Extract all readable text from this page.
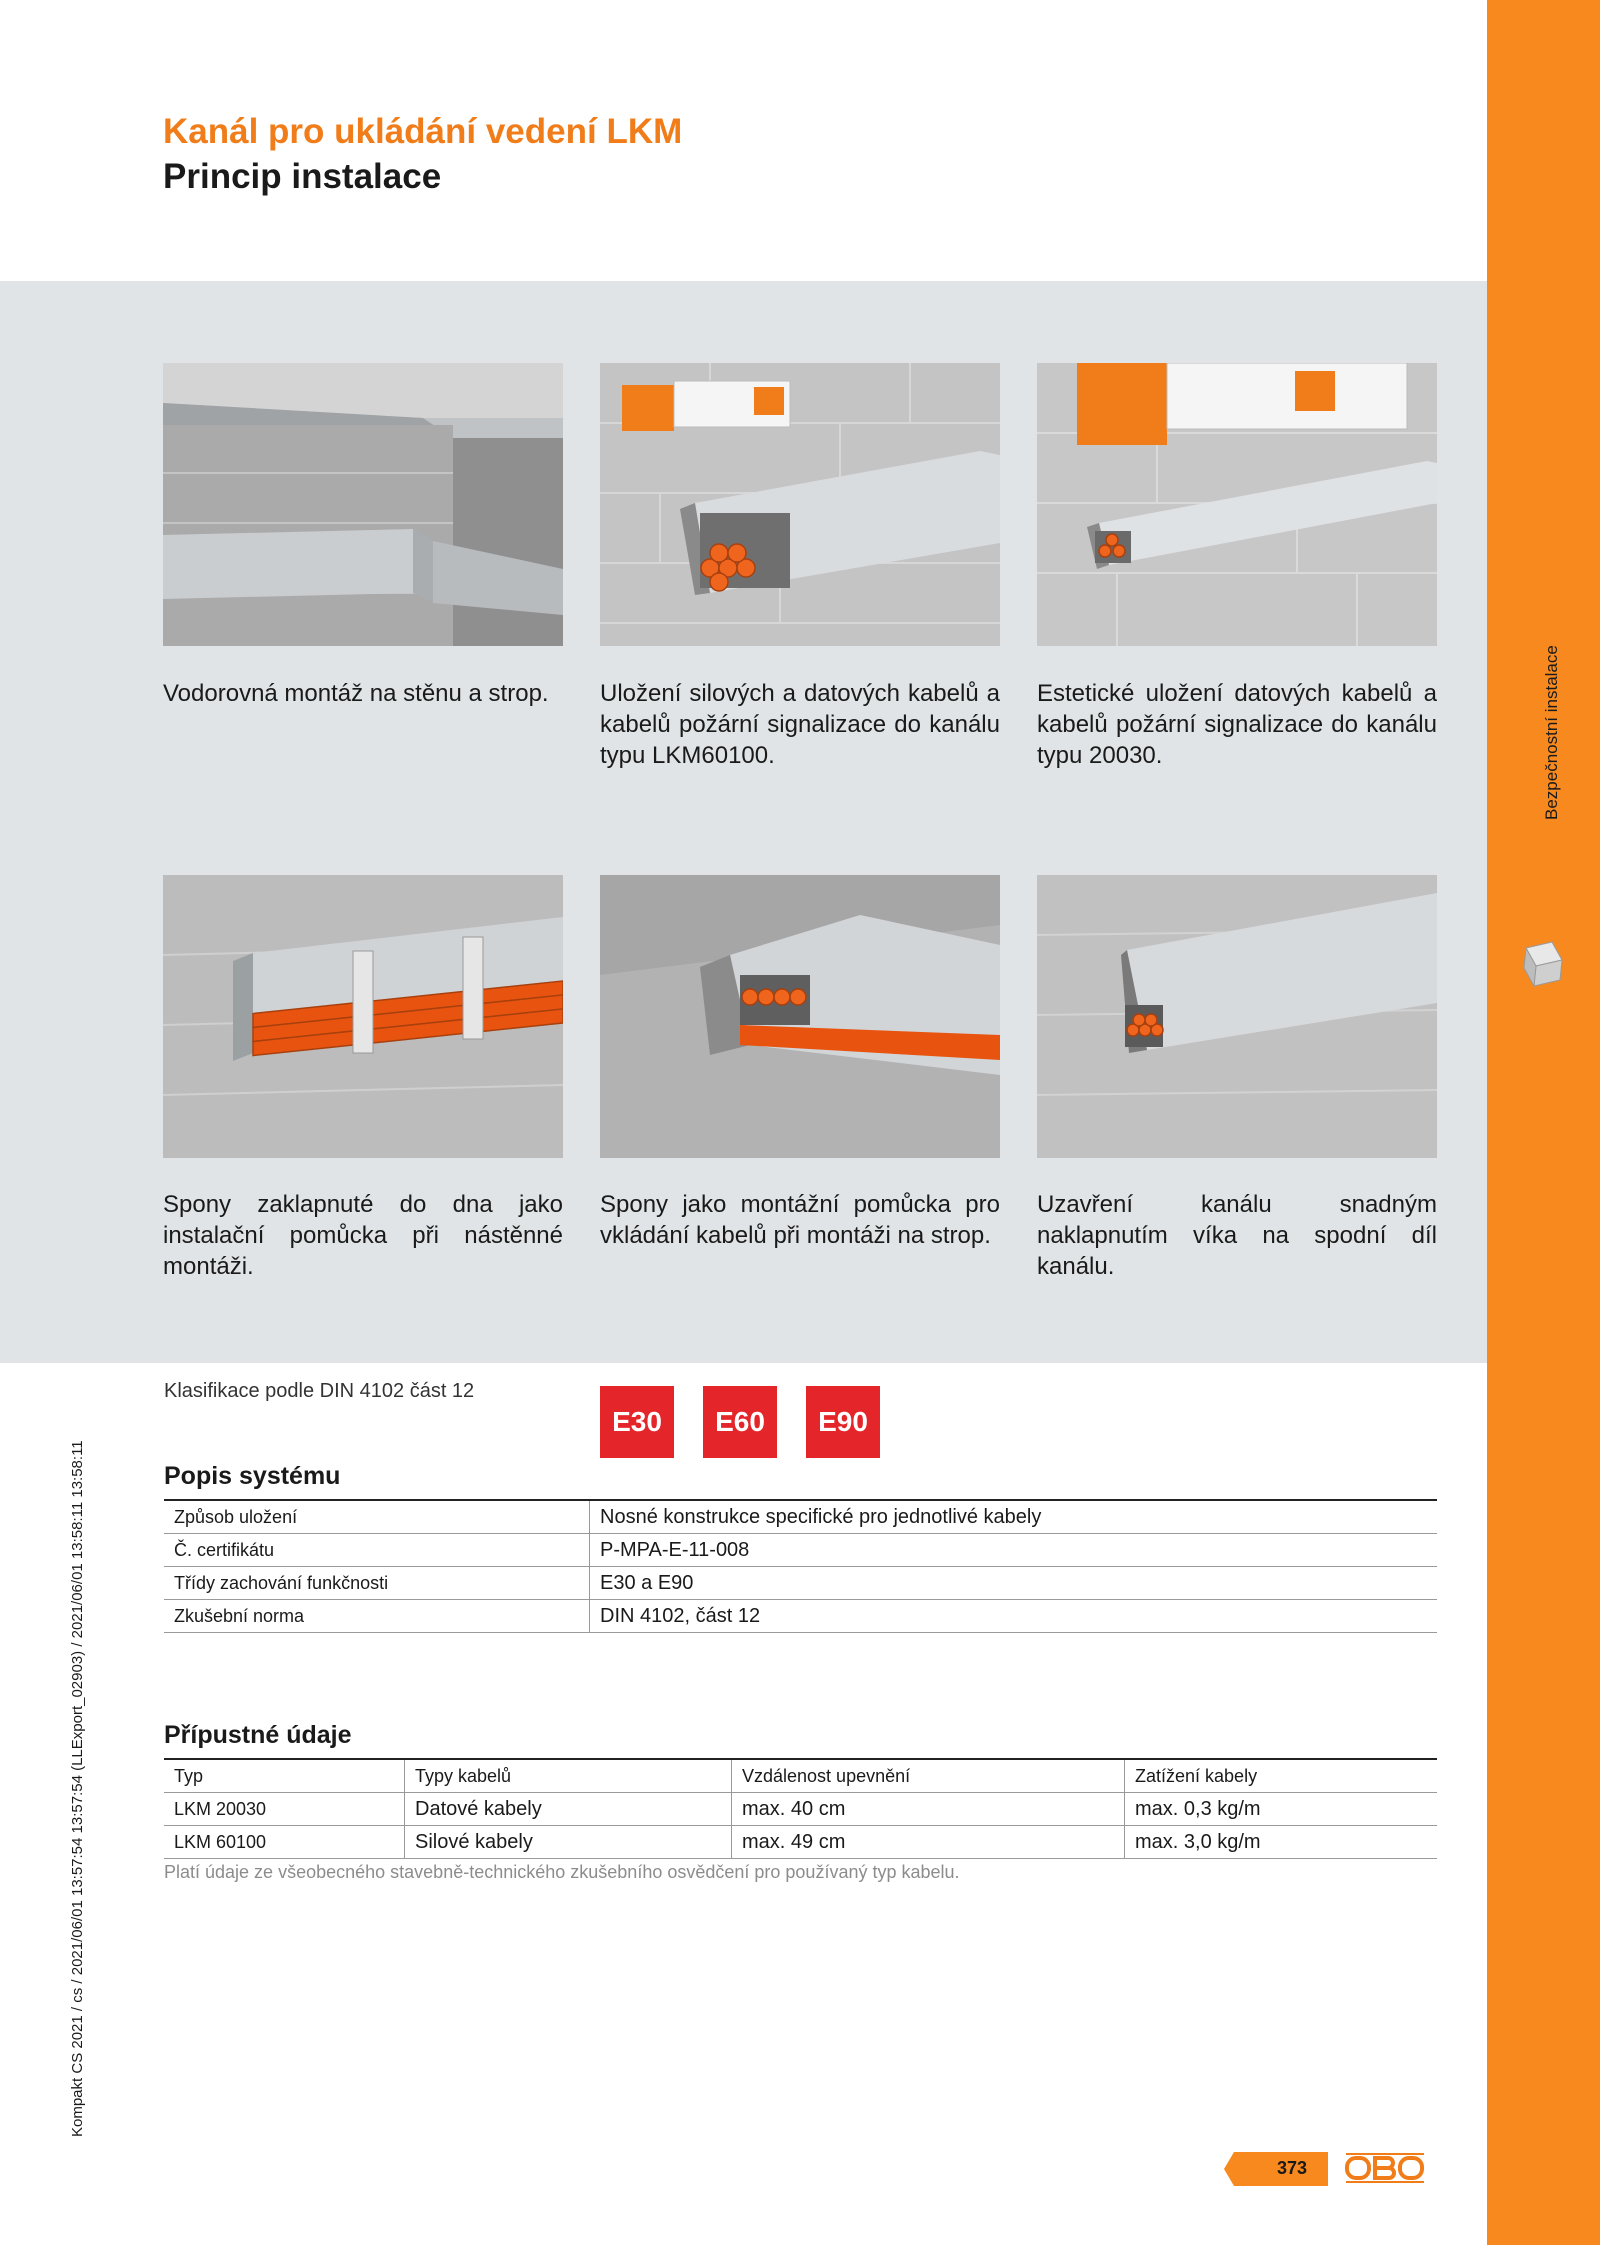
Bezpečnostní instalace
Kanál pro ukládání vedení LKM
Princip instalace
Vodorovná montáž na stěnu a strop.	Uložení silových a datových kabelů a kabelů požární signalizace do kanálu typu LKM60100.
Estetické uložení datových kabelů a kabelů požární signalizace do kanálu typu 20030.
Spony zaklapnuté do dna jako instalační pomůcka při nástěnné montáži.
Spony jako montážní pomůcka pro vkládání kabelů při montáži na strop.
Uzavření kanálu snadným naklapnutím víka na spodní díl kanálu.
Klasifikace podle DIN 4102 část 12
E30	E60	E90
Popis systému
Způsob uložení	Nosné konstrukce specifické pro jednotlivé kabely
Č. certifikátu	P-MPA-E-11-008
Třídy zachování funkčnosti	E30 a E90
Zkušební norma	DIN 4102, část 12
Přípustné údaje
Typ	Typy kabelů	Vzdálenost upevnění	Zatížení kabely
LKM 20030	Datové kabely	max. 40 cm	max. 0,3 kg/m
LKM 60100	Silové kabely	max. 49 cm	max. 3,0 kg/m
Platí údaje ze všeobecného stavebně-technického zkušebního osvědčení pro používaný typ kabelu.
Kompakt CS 2021 / cs / 2021/06/01 13:57:54 13:57:54 (LLExport_02903) / 2021/06/01 13:58:11 13:58:11
373
